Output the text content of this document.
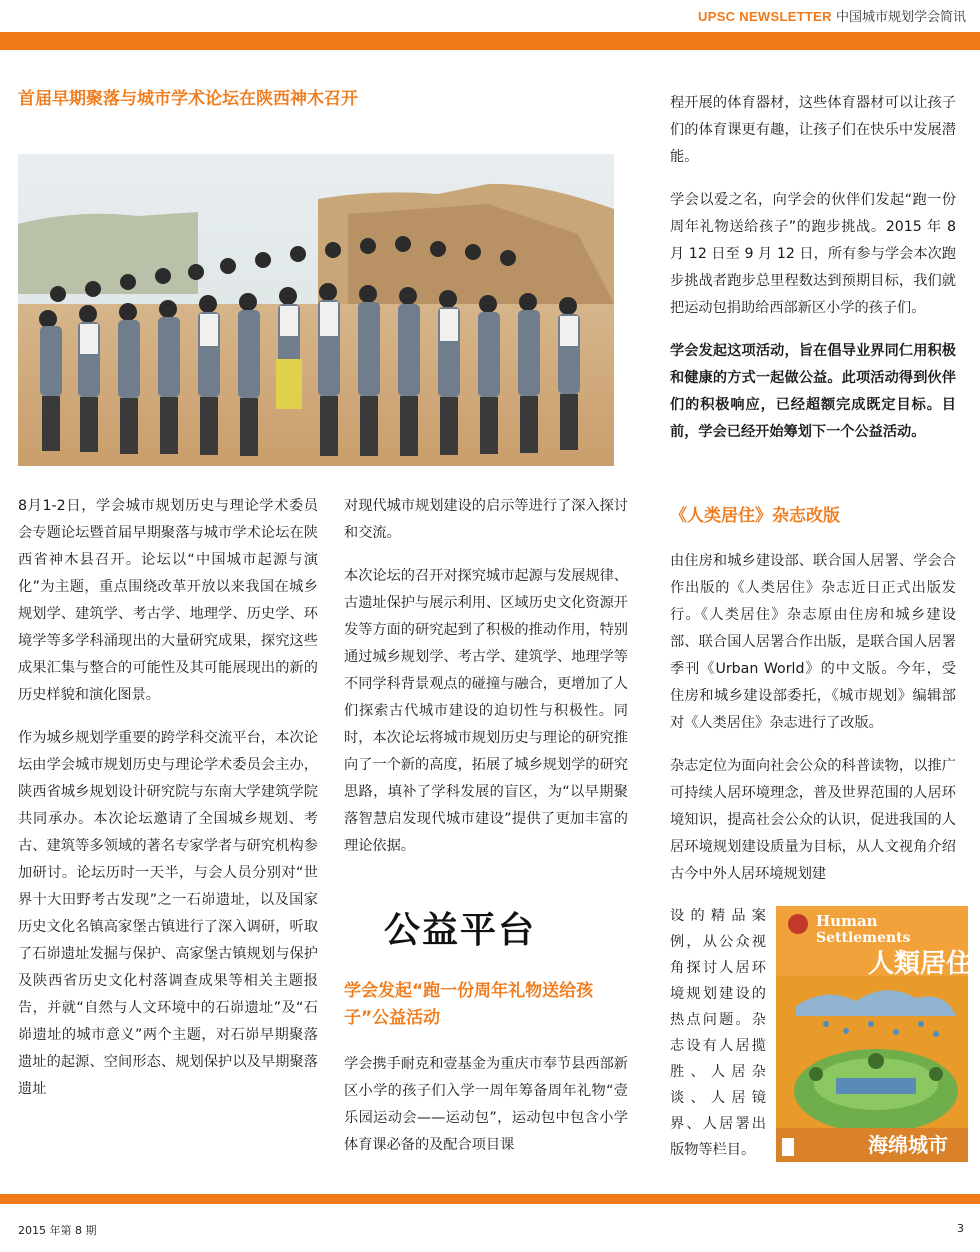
UPSC NEWSLETTER 中国城市规划学会简讯
首届早期聚落与城市学术论坛在陕西神木召开

8月1-2日，学会城市规划历史与理论学术委员会专题论坛暨首届早期聚落与城市学术论坛在陕西省神木县召开。论坛以“中国城市起源与演化”为主题，重点围绕改革开放以来我国在城乡规划学、建筑学、考古学、地理学、历史学、环境学等多学科涌现出的大量研究成果，探究这些成果汇集与整合的可能性及其可能展现出的新的历史样貌和演化图景。

作为城乡规划学重要的跨学科交流平台，本次论坛由学会城市规划历史与理论学术委员会主办，陕西省城乡规划设计研究院与东南大学建筑学院共同承办。本次论坛邀请了全国城乡规划、考古、建筑等多领域的著名专家学者与研究机构参加研讨。论坛历时一天半，与会人员分别对“世界十大田野考古发现”之一石峁遗址，以及国家历史文化名镇高家堡古镇进行了深入调研，听取了石峁遗址发掘与保护、高家堡古镇规划与保护及陕西省历史文化村落调查成果等相关主题报告，并就“自然与人文环境中的石峁遗址”及“石峁遗址的城市意义”两个主题，对石峁早期聚落遗址的起源、空间形态、规划保护以及早期聚落遗址

对现代城市规划建设的启示等进行了深入探讨和交流。

本次论坛的召开对探究城市起源与发展规律、古遗址保护与展示利用、区域历史文化资源开发等方面的研究起到了积极的推动作用，特别通过城乡规划学、考古学、建筑学、地理学等不同学科背景观点的碰撞与融合，更增加了人们探索古代城市建设的迫切性与积极性。同时，本次论坛将城市规划历史与理论的研究推向了一个新的高度，拓展了城乡规划学的研究思路，填补了学科发展的盲区，为“以早期聚落智慧启发现代城市建设”提供了更加丰富的理论依据。

公益平台
学会发起“跑一份周年礼物送给孩子”公益活动

学会携手耐克和壹基金为重庆市奉节县西部新区小学的孩子们入学一周年筹备周年礼物“壹乐园运动会——运动包”，运动包中包含小学体育课必备的及配合项目课

程开展的体育器材，这些体育器材可以让孩子们的体育课更有趣，让孩子们在快乐中发展潜能。

学会以爱之名，向学会的伙伴们发起“跑一份周年礼物送给孩子”的跑步挑战。2015 年 8 月 12 日至 9 月 12 日，所有参与学会本次跑步挑战者跑步总里程数达到预期目标，我们就把运动包捐助给西部新区小学的孩子们。

学会发起这项活动，旨在倡导业界同仁用积极和健康的方式一起做公益。此项活动得到伙伴们的积极响应，已经超额完成既定目标。目前，学会已经开始筹划下一个公益活动。

《人类居住》杂志改版

由住房和城乡建设部、联合国人居署、学会合作出版的《人类居住》杂志近日正式出版发行。《人类居住》杂志原由住房和城乡建设部、联合国人居署合作出版，是联合国人居署季刊《Urban World》的中文版。今年，受住房和城乡建设部委托，《城市规划》编辑部对《人类居住》杂志进行了改版。

杂志定位为面向社会公众的科普读物，以推广可持续人居环境理念，普及世界范围的人居环境知识，提高社会公众的认识，促进我国的人居环境规划建设质量为目标，从人文视角介绍古今中外人居环境规划建

设的精品案例，从公众视角探讨人居环境规划建设的热点问题。杂志设有人居揽胜、人居杂谈、人居镜界、人居署出版物等栏目。

Human
Settlements
人類居住
海绵城市
2015 年第 8 期	3
